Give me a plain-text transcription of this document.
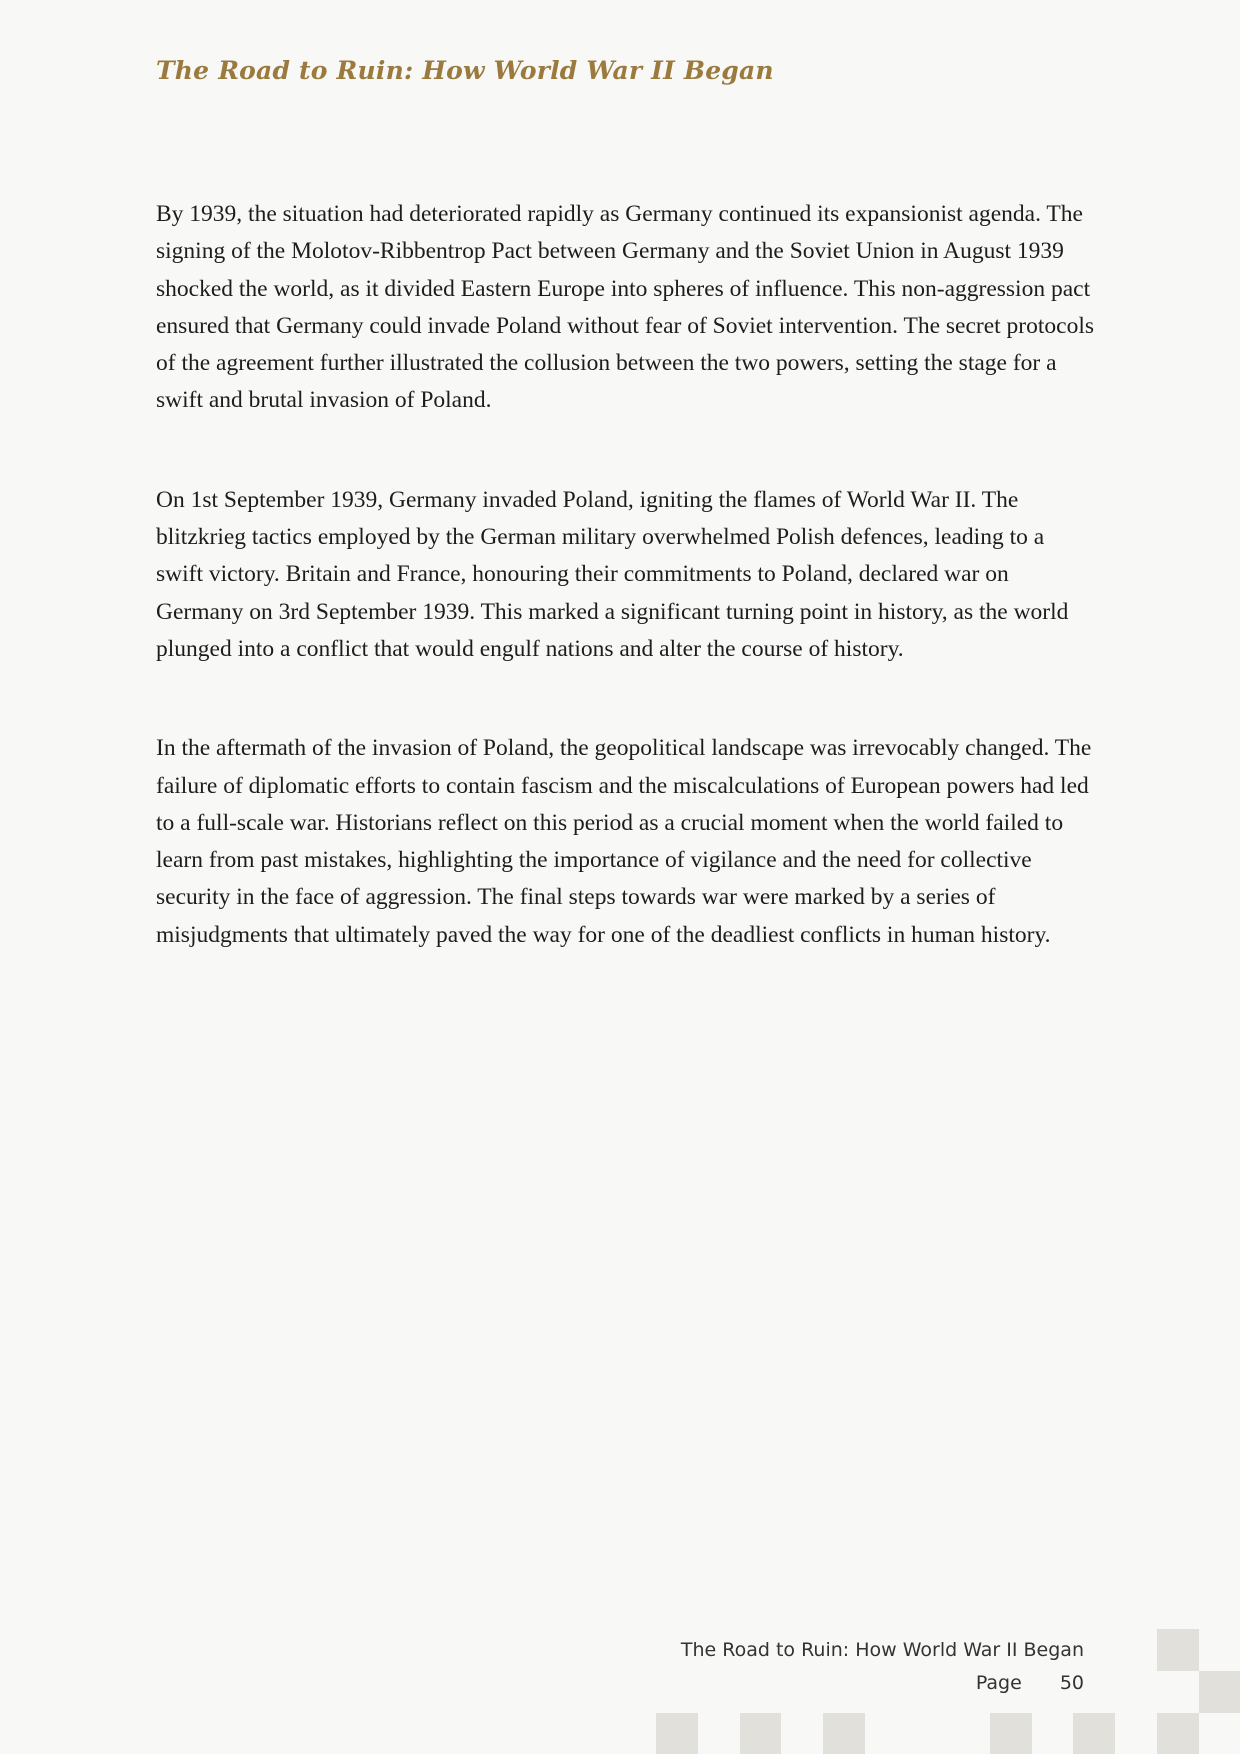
The Road to Ruin: How World War II Began

By 1939, the situation had deteriorated rapidly as Germany continued its expansionist agenda. The signing of the Molotov-Ribbentrop Pact between Germany and the Soviet Union in August 1939 shocked the world, as it divided Eastern Europe into spheres of influence. This non-aggression pact ensured that Germany could invade Poland without fear of Soviet intervention. The secret protocols of the agreement further illustrated the collusion between the two powers, setting the stage for a swift and brutal invasion of Poland.

On 1st September 1939, Germany invaded Poland, igniting the flames of World War II. The blitzkrieg tactics employed by the German military overwhelmed Polish defences, leading to a swift victory. Britain and France, honouring their commitments to Poland, declared war on Germany on 3rd September 1939. This marked a significant turning point in history, as the world plunged into a conflict that would engulf nations and alter the course of history.

In the aftermath of the invasion of Poland, the geopolitical landscape was irrevocably changed. The failure of diplomatic efforts to contain fascism and the miscalculations of European powers had led to a full-scale war. Historians reflect on this period as a crucial moment when the world failed to learn from past mistakes, highlighting the importance of vigilance and the need for collective security in the face of aggression. The final steps towards war were marked by a series of misjudgments that ultimately paved the way for one of the deadliest conflicts in human history.

The Road to Ruin: How World War II Began
Page 50
